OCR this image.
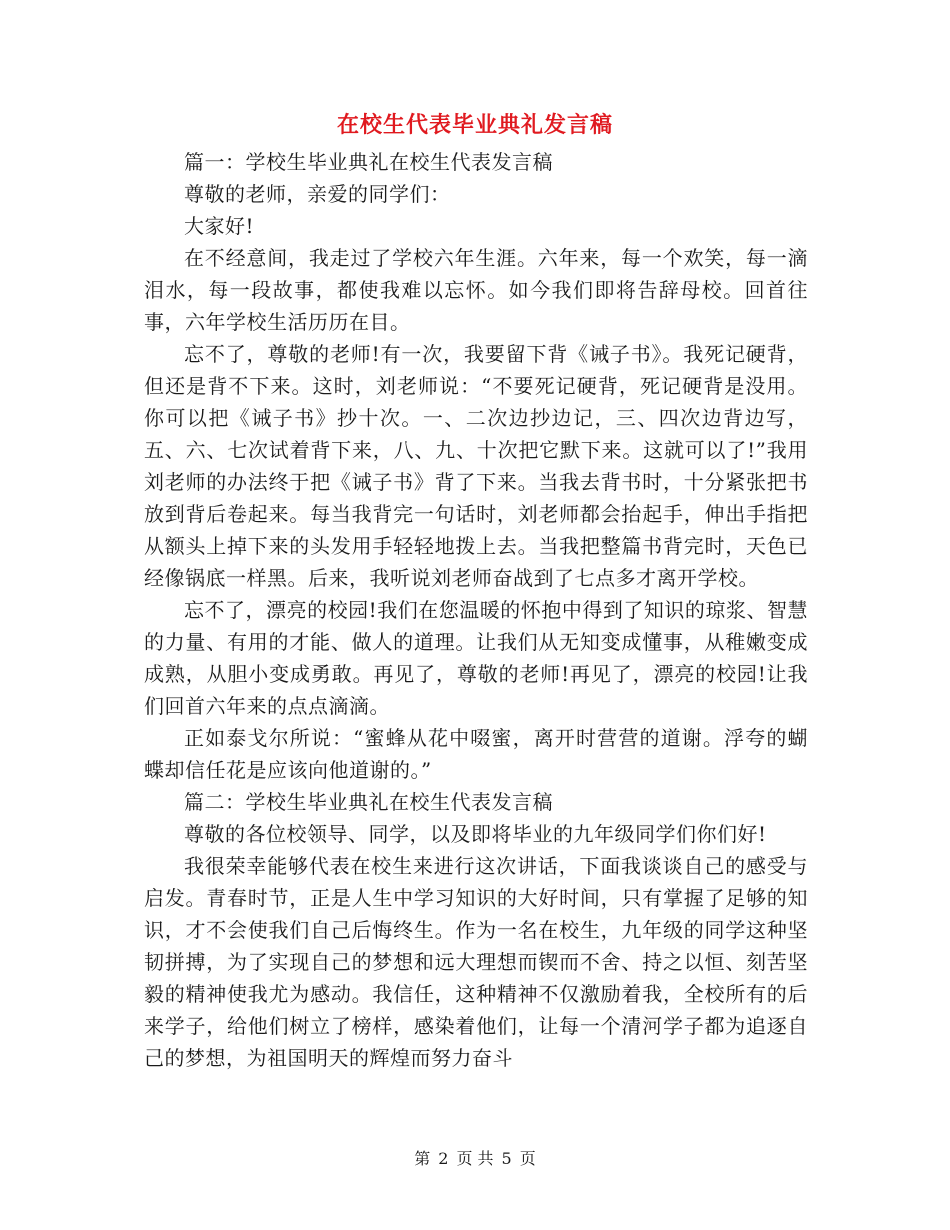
在校生代表毕业典礼发言稿

篇一：学校生毕业典礼在校生代表发言稿

尊敬的老师，亲爱的同学们：

大家好!

在不经意间，我走过了学校六年生涯。六年来，每一个欢笑，每一滴泪水，每一段故事，都使我难以忘怀。如今我们即将告辞母校。回首往事，六年学校生活历历在目。

忘不了，尊敬的老师!有一次，我要留下背《诫子书》。我死记硬背，但还是背不下来。这时，刘老师说：“不要死记硬背，死记硬背是没用。你可以把《诫子书》抄十次。一、二次边抄边记，三、四次边背边写，五、六、七次试着背下来，八、九、十次把它默下来。这就可以了!”我用刘老师的办法终于把《诫子书》背了下来。当我去背书时，十分紧张把书放到背后卷起来。每当我背完一句话时，刘老师都会抬起手，伸出手指把从额头上掉下来的头发用手轻轻地拨上去。当我把整篇书背完时，天色已经像锅底一样黑。后来，我听说刘老师奋战到了七点多才离开学校。

忘不了，漂亮的校园!我们在您温暖的怀抱中得到了知识的琼浆、智慧的力量、有用的才能、做人的道理。让我们从无知变成懂事，从稚嫩变成成熟，从胆小变成勇敢。再见了，尊敬的老师!再见了，漂亮的校园!让我们回首六年来的点点滴滴。

正如泰戈尔所说：“蜜蜂从花中啜蜜，离开时营营的道谢。浮夸的蝴蝶却信任花是应该向他道谢的。”

篇二：学校生毕业典礼在校生代表发言稿

尊敬的各位校领导、同学，以及即将毕业的九年级同学们你们好!

我很荣幸能够代表在校生来进行这次讲话，下面我谈谈自己的感受与启发。青春时节，正是人生中学习知识的大好时间，只有掌握了足够的知识，才不会使我们自己后悔终生。作为一名在校生，九年级的同学这种坚韧拼搏，为了实现自己的梦想和远大理想而锲而不舍、持之以恒、刻苦坚毅的精神使我尤为感动。我信任，这种精神不仅激励着我，全校所有的后来学子，给他们树立了榜样，感染着他们，让每一个清河学子都为追逐自己的梦想，为祖国明天的辉煌而努力奋斗

第 2 页 共 5 页
